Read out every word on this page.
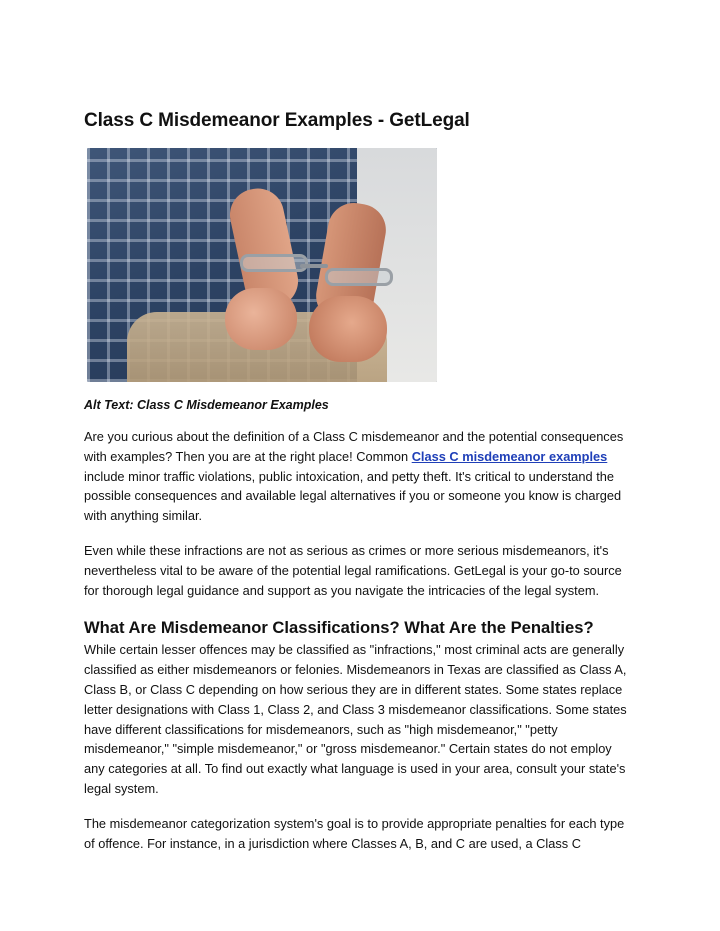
Class C Misdemeanor Examples - GetLegal
Alt Text: Class C Misdemeanor Examples

Are you curious about the definition of a Class C misdemeanor and the potential consequences with examples? Then you are at the right place! Common Class C misdemeanor examples include minor traffic violations, public intoxication, and petty theft. It's critical to understand the possible consequences and available legal alternatives if you or someone you know is charged with anything similar.

Even while these infractions are not as serious as crimes or more serious misdemeanors, it's nevertheless vital to be aware of the potential legal ramifications. GetLegal is your go-to source for thorough legal guidance and support as you navigate the intricacies of the legal system.

What Are Misdemeanor Classifications? What Are the Penalties?

While certain lesser offences may be classified as "infractions," most criminal acts are generally classified as either misdemeanors or felonies. Misdemeanors in Texas are classified as Class A, Class B, or Class C depending on how serious they are in different states. Some states replace letter designations with Class 1, Class 2, and Class 3 misdemeanor classifications. Some states have different classifications for misdemeanors, such as "high misdemeanor," "petty misdemeanor," "simple misdemeanor," or "gross misdemeanor." Certain states do not employ any categories at all. To find out exactly what language is used in your area, consult your state's legal system.

The misdemeanor categorization system's goal is to provide appropriate penalties for each type of offence. For instance, in a jurisdiction where Classes A, B, and C are used, a Class C
